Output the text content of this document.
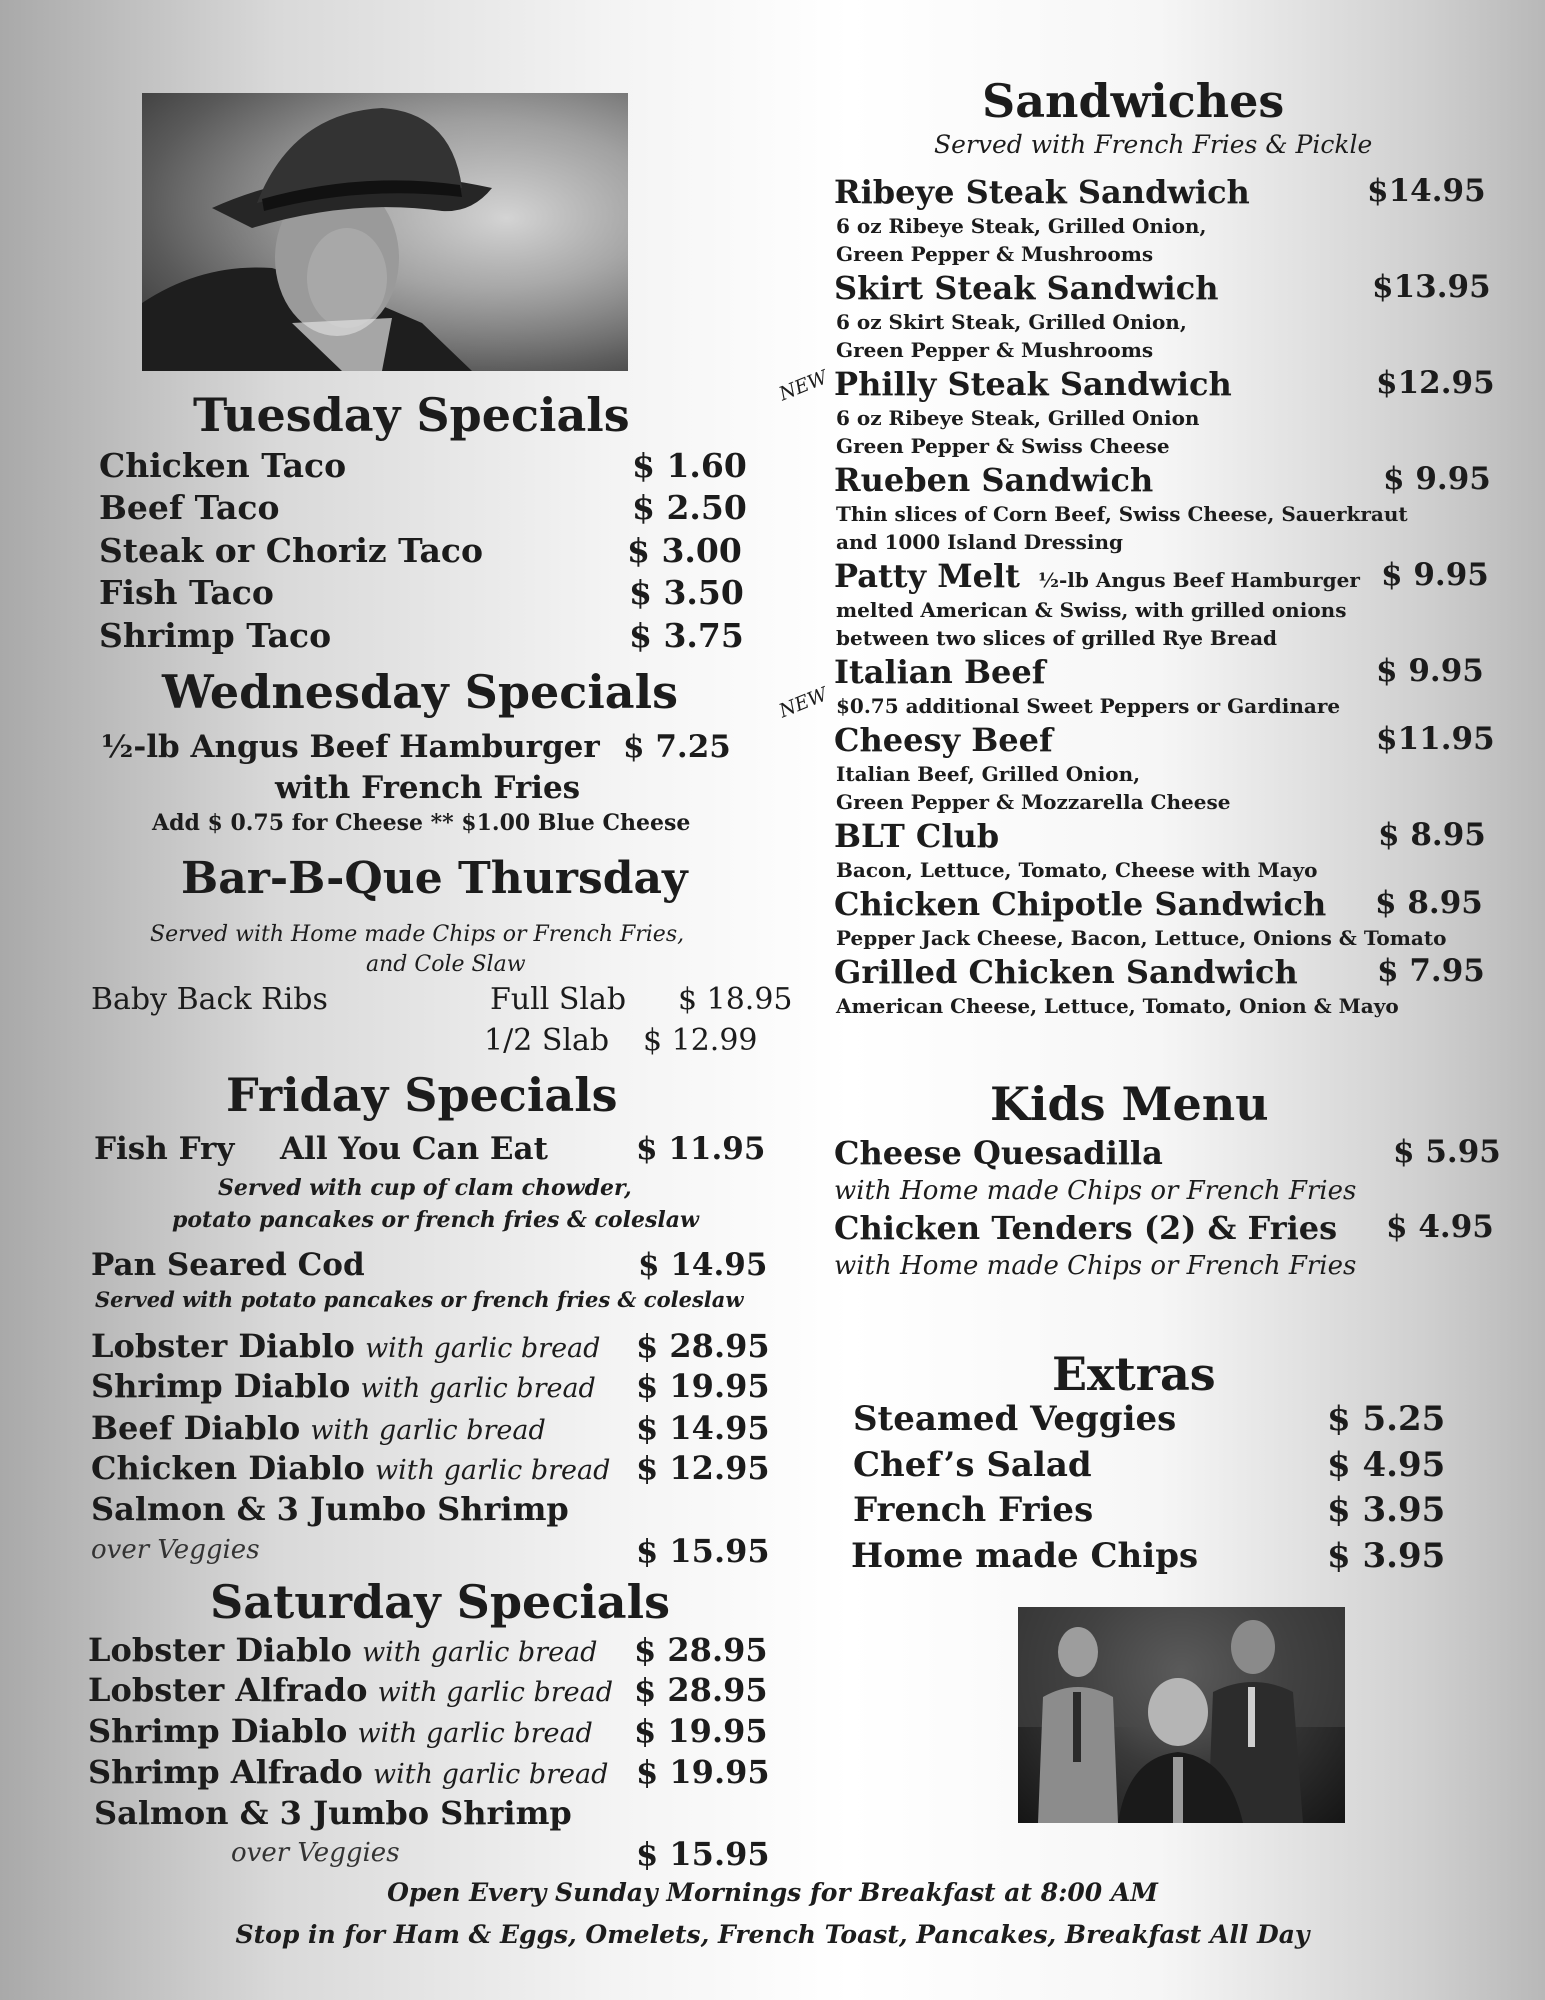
Tuesday Specials
Chicken Taco	$ 1.60
Beef Taco	$ 2.50
Steak or Choriz Taco	$ 3.00
Fish Taco	$ 3.50
Shrimp Taco	$ 3.75
Wednesday Specials
½-lb Angus Beef Hamburger $ 7.25
with French Fries
Add $ 0.75 for Cheese ** $1.00 Blue Cheese
Bar-B-Que Thursday
Served with Home made Chips or French Fries,
and Cole Slaw
Baby Back Ribs	Full Slab $ 18.95
1/2 Slab $ 12.99
Friday Specials
Fish Fry All You Can Eat	$ 11.95
Served with cup of clam chowder,
potato pancakes or french fries & coleslaw
Pan Seared Cod	$ 14.95
Served with potato pancakes or french fries & coleslaw
Lobster Diablo with garlic bread $ 28.95
Shrimp Diablo with garlic bread $ 19.95
Beef Diablo with garlic bread	$ 14.95
Chicken Diablo with garlic bread $ 12.95
Salmon & 3 Jumbo Shrimp
over Veggies	$ 15.95
Saturday Specials
Lobster Diablo with garlic bread $ 28.95
Lobster Alfrado with garlic bread $ 28.95
Shrimp Diablo with garlic bread $ 19.95
Shrimp Alfrado with garlic bread $ 19.95
Salmon & 3 Jumbo Shrimp
over Veggies	$ 15.95
Sandwiches
Served with French Fries & Pickle
Ribeye Steak Sandwich	$14.95
6 oz Ribeye Steak, Grilled Onion,
Green Pepper & Mushrooms
Skirt Steak Sandwich	$13.95
6 oz Skirt Steak, Grilled Onion,
Green Pepper & Mushrooms
NEW Philly Steak Sandwich	$12.95
6 oz Ribeye Steak, Grilled Onion
Green Pepper & Swiss Cheese
Rueben Sandwich	$ 9.95
Thin slices of Corn Beef, Swiss Cheese, Sauerkraut
and 1000 Island Dressing
Patty Melt ½-lb Angus Beef Hamburger $ 9.95
melted American & Swiss, with grilled onions
between two slices of grilled Rye Bread
NEW
Italian Beef	$ 9.95
$0.75 additional Sweet Peppers or Gardinare
Cheesy Beef	$11.95
Italian Beef, Grilled Onion,
Green Pepper & Mozzarella Cheese
BLT Club	$ 8.95
Bacon, Lettuce, Tomato, Cheese with Mayo
Chicken Chipotle Sandwich $ 8.95
Pepper Jack Cheese, Bacon, Lettuce, Onions & Tomato
Grilled Chicken Sandwich	$ 7.95
American Cheese, Lettuce, Tomato, Onion & Mayo
Kids Menu
Cheese Quesadilla	$ 5.95
with Home made Chips or French Fries
Chicken Tenders (2) & Fries $ 4.95
with Home made Chips or French Fries
Extras
Steamed Veggies	$ 5.25
Chef’s Salad	$ 4.95
French Fries	$ 3.95
Home made Chips	$ 3.95
Open Every Sunday Mornings for Breakfast at 8:00 AM
Stop in for Ham & Eggs, Omelets, French Toast, Pancakes, Breakfast All Day
